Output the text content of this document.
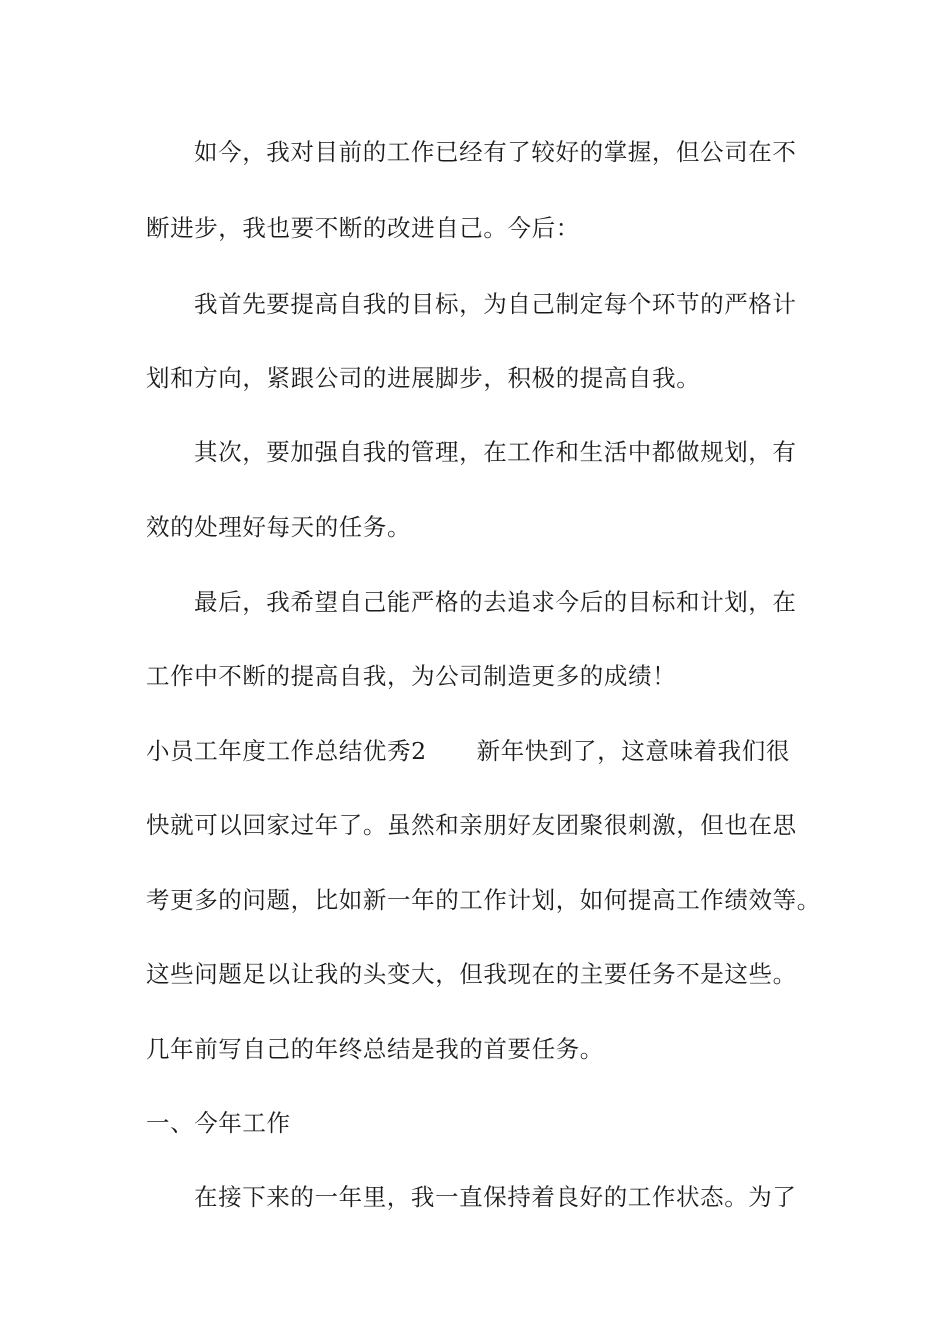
如今，我对目前的工作已经有了较好的掌握，但公司在不
断进步，我也要不断的改进自己。今后：
我首先要提高自我的目标，为自己制定每个环节的严格计
划和方向，紧跟公司的进展脚步，积极的提高自我。
其次，要加强自我的管理，在工作和生活中都做规划，有
效的处理好每天的任务。
最后，我希望自己能严格的去追求今后的目标和计划，在
工作中不断的提高自我，为公司制造更多的成绩！
小员工年度工作总结优秀2 新年快到了，这意味着我们很
快就可以回家过年了。虽然和亲朋好友团聚很刺激，但也在思
考更多的问题，比如新一年的工作计划，如何提高工作绩效等。
这些问题足以让我的头变大，但我现在的主要任务不是这些。
几年前写自己的年终总结是我的首要任务。
一、今年工作
在接下来的一年里，我一直保持着良好的工作状态。为了
